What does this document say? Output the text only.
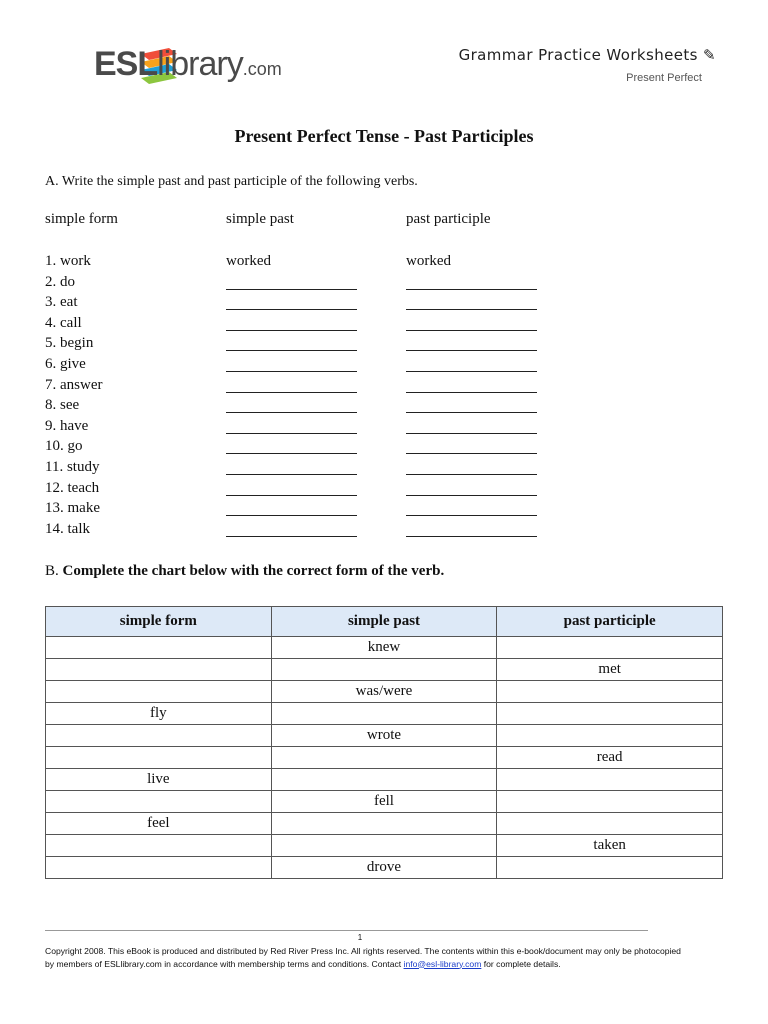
ESLlibrary.com
Grammar Practice Worksheets ✎
Present Perfect
Present Perfect Tense - Past Participles
A. Write the simple past and past participle of the following verbs.
simple form	simple past	past participle
1. work	worked	worked
2. do
3. eat
4. call
5. begin
6. give
7. answer
8. see
9. have
10. go
11. study
12. teach
13. make
14. talk
B. Complete the chart below with the correct form of the verb.
simple form	simple past	past participle
	knew	
		met
	was/were	
fly		
	wrote	
		read
live		
	fell	
feel		
		taken
	drove	
1
Copyright 2008. This eBook is produced and distributed by Red River Press Inc. All rights reserved. The contents within this e-book/document may only be photocopied by members of ESLlibrary.com in accordance with membership terms and conditions. Contact info@esl-library.com for complete details.
